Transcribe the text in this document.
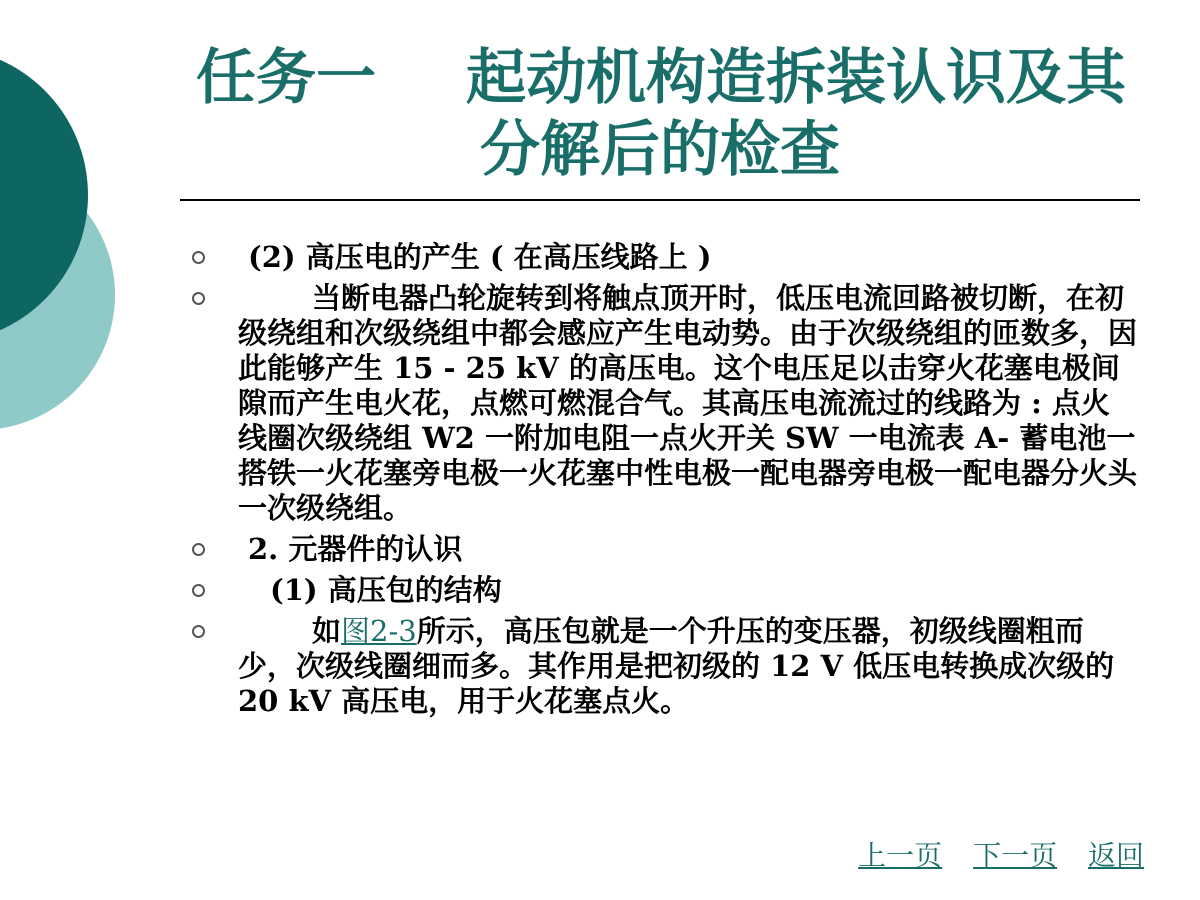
任务一 起动机构造拆装认识及其
分解后的检查
(2) 高压电的产生 ( 在高压线路上 )
当断电器凸轮旋转到将触点顶开时，低压电流回路被切断，在初级绕组和次级绕组中都会感应产生电动势。由于次级绕组的匝数多，因此能够产生 15 - 25 kV 的高压电。这个电压足以击穿火花塞电极间隙而产生电火花，点燃可燃混合气。其高压电流流过的线路为 : 点火线圈次级绕组 W2 一附加电阻一点火开关 SW 一电流表 A- 蓄电池一搭铁一火花塞旁电极一火花塞中性电极一配电器旁电极一配电器分火头一次级绕组。
2. 元器件的认识
(1) 高压包的结构
如图2-3所示，高压包就是一个升压的变压器，初级线圈粗而少，次级线圈细而多。其作用是把初级的 12 V 低压电转换成次级的 20 kV 高压电，用于火花塞点火。
上一页 下一页 返回
